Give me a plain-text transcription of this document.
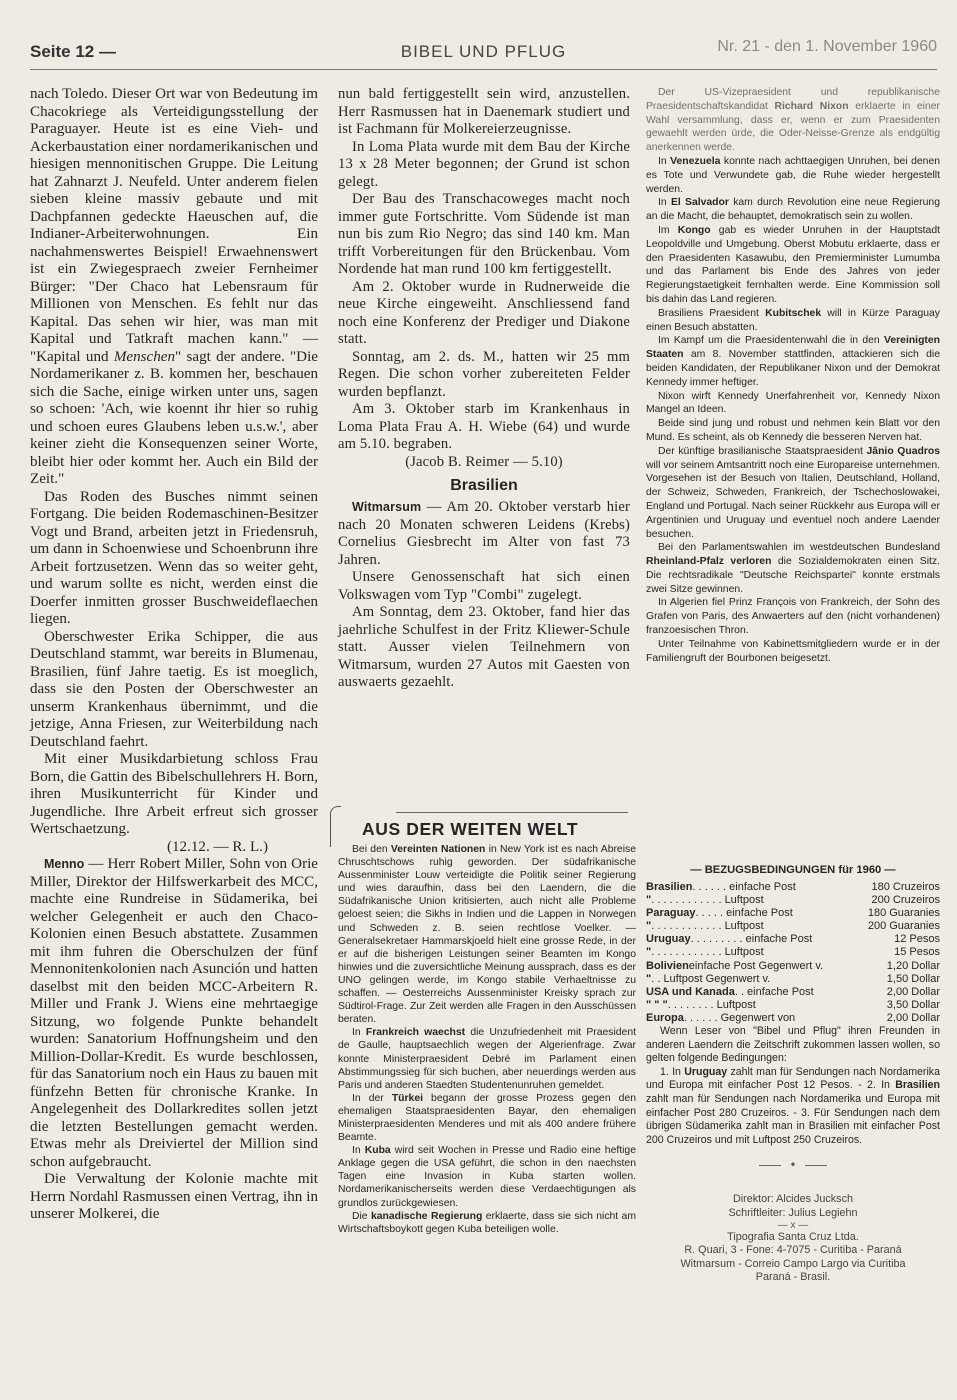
Seite 12 —	BIBEL UND PFLUG	Nr. 21 - den 1. November 1960

nach Toledo. Dieser Ort war von Bedeutung im Chacokriege als Verteidigungsstellung der Paraguayer. Heute ist es eine Vieh- und Ackerbaustation einer nordamerikanischen und hiesigen mennonitischen Gruppe. Die Leitung hat Zahnarzt J. Neufeld. Unter anderem fielen sieben kleine massiv gebaute und mit Dachpfannen gedeckte Haeuschen auf, die Indianer-Arbeiterwohnungen. Ein nachahmenswertes Beispiel! Erwaehnenswert ist ein Zwiegespraech zweier Fernheimer Bürger: "Der Chaco hat Lebensraum für Millionen von Menschen. Es fehlt nur das Kapital. Das sehen wir hier, was man mit Kapital und Tatkraft machen kann." — "Kapital und Menschen" sagt der andere. "Die Nordamerikaner z. B. kommen her, beschauen sich die Sache, einige wirken unter uns, sagen so schoen: 'Ach, wie koennt ihr hier so ruhig und schoen eures Glaubens leben u.s.w.', aber keiner zieht die Konsequenzen seiner Worte, bleibt hier oder kommt her. Auch ein Bild der Zeit."

Das Roden des Busches nimmt seinen Fortgang. Die beiden Rodemaschinen-Besitzer Vogt und Brand, arbeiten jetzt in Friedensruh, um dann in Schoenwiese und Schoenbrunn ihre Arbeit fortzusetzen. Wenn das so weiter geht, und warum sollte es nicht, werden einst die Doerfer inmitten grosser Buschweideflaechen liegen.

Oberschwester Erika Schipper, die aus Deutschland stammt, war bereits in Blumenau, Brasilien, fünf Jahre taetig. Es ist moeglich, dass sie den Posten der Oberschwester an unserm Krankenhaus übernimmt, und die jetzige, Anna Friesen, zur Weiterbildung nach Deutschland faehrt.

Mit einer Musikdarbietung schloss Frau Born, die Gattin des Bibelschullehrers H. Born, ihren Musikunterricht für Kinder und Jugendliche. Ihre Arbeit erfreut sich grosser Wertschaetzung.

(12.12. — R. L.)

Menno — Herr Robert Miller, Sohn von Orie Miller, Direktor der Hilfswerkarbeit des MCC, machte eine Rundreise in Südamerika, bei welcher Gelegenheit er auch den Chaco-Kolonien einen Besuch abstattete. Zusammen mit ihm fuhren die Oberschulzen der fünf Mennonitenkolonien nach Asunción und hatten daselbst mit den beiden MCC-Arbeitern R. Miller und Frank J. Wiens eine mehrtaegige Sitzung, wo folgende Punkte behandelt wurden: Sanatorium Hoffnungsheim und den Million-Dollar-Kredit. Es wurde beschlossen, für das Sanatorium noch ein Haus zu bauen mit fünfzehn Betten für chronische Kranke. In Angelegenheit des Dollarkredites sollen jetzt die letzten Bestellungen gemacht werden. Etwas mehr als Dreiviertel der Million sind schon aufgebraucht.

Die Verwaltung der Kolonie machte mit Herrn Nordahl Rasmussen einen Vertrag, ihn in unserer Molkerei, die

nun bald fertiggestellt sein wird, anzustellen. Herr Rasmussen hat in Daenemark studiert und ist Fachmann für Molkereierzeugnisse.

In Loma Plata wurde mit dem Bau der Kirche 13 x 28 Meter begonnen; der Grund ist schon gelegt.

Der Bau des Transchacoweges macht noch immer gute Fortschritte. Vom Südende ist man nun bis zum Rio Negro; das sind 140 km. Man trifft Vorbereitungen für den Brückenbau. Vom Nordende hat man rund 100 km fertiggestellt.

Am 2. Oktober wurde in Rudnerweide die neue Kirche eingeweiht. Anschliessend fand noch eine Konferenz der Prediger und Diakone statt.

Sonntag, am 2. ds. M., hatten wir 25 mm Regen. Die schon vorher zubereiteten Felder wurden bepflanzt.

Am 3. Oktober starb im Krankenhaus in Loma Plata Frau A. H. Wiebe (64) und wurde am 5.10. begraben.

(Jacob B. Reimer — 5.10)

Brasilien

Witmarsum — Am 20. Oktober verstarb hier nach 20 Monaten schweren Leidens (Krebs) Cornelius Giesbrecht im Alter von fast 73 Jahren.

Unsere Genossenschaft hat sich einen Volkswagen vom Typ "Combi" zugelegt.

Am Sonntag, dem 23. Oktober, fand hier das jaehrliche Schulfest in der Fritz Kliewer-Schule statt. Ausser vielen Teilnehmern von Witmarsum, wurden 27 Autos mit Gaesten von auswaerts gezaehlt.

AUS DER WEITEN WELT

Bei den Vereinten Nationen in New York ist es nach Abreise Chruschtschows ruhig geworden. Der südafrikanische Aussenminister Louw verteidigte die Politik seiner Regierung und wies daraufhin, dass bei den Laendern, die die Südafrikanische Union kritisierten, auch nicht alle Probleme geloest seien; die Sikhs in Indien und die Lappen in Norwegen und Schweden z. B. seien rechtlose Voelker. — Generalsekretaer Hammarskjoeld hielt eine grosse Rede, in der er auf die bisherigen Leistungen seiner Beamten im Kongo hinwies und die zuversichtliche Meinung aussprach, dass es der UNO gelingen werde, im Kongo stabile Verhaeltnisse zu schaffen. — Oesterreichs Aussenminister Kreisky sprach zur Südtirol-Frage. Zur Zeit werden alle Fragen in den Ausschüssen beraten.

In Frankreich waechst die Unzufriedenheit mit Praesident de Gaulle, hauptsaechlich wegen der Algerienfrage. Zwar konnte Ministerpraesident Debré im Parlament einen Abstimmungssieg für sich buchen, aber neuerdings werden aus Paris und anderen Staedten Studentenunruhen gemeldet.

In der Türkei begann der grosse Prozess gegen den ehemaligen Staatspraesidenten Bayar, den ehemaligen Ministerpraesidenten Menderes und mit als 400 andere frühere Beamte.

In Kuba wird seit Wochen in Presse und Radio eine heftige Anklage gegen die USA geführt, die schon in den naechsten Tagen eine Invasion in Kuba starten wollen. Nordamerikanischerseits werden diese Verdaechtigungen als grundlos zurückgewiesen.

Die kanadische Regierung erklaerte, dass sie sich nicht am Wirtschaftsboykott gegen Kuba beteiligen wolle.

Der US-Vizepraesident und republikanische Praesidentschaftskandidat Richard Nixon erklaerte in einer Wahl versammlung, dass er, wenn er zum Praesidenten gewaehlt werden ürde, die Oder-Neisse-Grenze als endgültig anerkennen werde.

In Venezuela konnte nach achttaegigen Unruhen, bei denen es Tote und Verwundete gab, die Ruhe wieder hergestellt werden.

In El Salvador kam durch Revolution eine neue Regierung an die Macht, die behauptet, demokratisch sein zu wollen.

Im Kongo gab es wieder Unruhen in der Hauptstadt Leopoldville und Umgebung. Oberst Mobutu erklaerte, dass er den Praesidenten Kasawubu, den Premierminister Lumumba und das Parlament bis Ende des Jahres von jeder Regierungstaetigkeit fernhalten werde. Eine Kommission soll bis dahin das Land regieren.

Brasiliens Praesident Kubitschek will in Kürze Paraguay einen Besuch abstatten.

Im Kampf um die Praesidentenwahl die in den Vereinigten Staaten am 8. November stattfinden, attackieren sich die beiden Kandidaten, der Republikaner Nixon und der Demokrat Kennedy immer heftiger.

Nixon wirft Kennedy Unerfahrenheit vor, Kennedy Nixon Mangel an Ideen.

Beide sind jung und robust und nehmen kein Blatt vor den Mund. Es scheint, als ob Kennedy die besseren Nerven hat.

Der künftige brasilianische Staatspraesident Jânio Quadros will vor seinem Amtsantritt noch eine Europareise unternehmen. Vorgesehen ist der Besuch von Italien, Deutschland, Holland, der Schweiz, Schweden, Frankreich, der Tschechoslowakei, England und Portugal. Nach seiner Rückkehr aus Europa will er Argentinien und Uruguay und eventuel noch andere Laender besuchen.

Bei den Parlamentswahlen im westdeutschen Bundesland Rheinland-Pfalz verloren die Sozialdemokraten einen Sitz. Die rechtsradikale "Deutsche Reichspartei" konnte erstmals zwei Sitze gewinnen.

In Algerien fiel Prinz François von Frankreich, der Sohn des Grafen von Paris, des Anwaerters auf den (nicht vorhandenen) franzoesischen Thron.

Unter Teilnahme von Kabinettsmitgliedern wurde er in der Familiengruft der Bourbonen beigesetzt.

— BEZUGSBEDINGUNGEN für 1960 —
Brasilien . . . . . . einfache Post	180 Cruzeiros
" . . . . . . . . . . . . Luftpost	200 Cruzeiros
Paraguay . . . . . einfache Post	180 Guaranies
" . . . . . . . . . . . . Luftpost	200 Guaranies
Uruguay . . . . . . . . . einfache Post	12 Pesos
" . . . . . . . . . . . . Luftpost	15 Pesos
Bolivien einfache Post Gegenwert v.	1,20 Dollar
" . . Luftpost Gegenwert v.	1,50 Dollar
USA und Kanada . . einfache Post	2,00 Dollar
" " " . . . . . . . . Luftpost	3,50 Dollar
Europa . . . . . . Gegenwert von	2,00 Dollar

Wenn Leser von "Bibel und Pflug" ihren Freunden in anderen Laendern die Zeitschrift zukommen lassen wollen, so gelten folgende Bedingungen:

1. In Uruguay zahlt man für Sendungen nach Nordamerika und Europa mit einfacher Post 12 Pesos. - 2. In Brasilien zahlt man für Sendungen nach Nordamerika und Europa mit einfacher Post 280 Cruzeiros. - 3. Für Sendungen nach dem übrigen Südamerika zahlt man in Brasilien mit einfacher Post 200 Cruzeiros und mit Luftpost 250 Cruzeiros.

•
Direktor: Alcides Jucksch
Schriftleiter: Julius Legiehn
— x —
Tipografia Santa Cruz Ltda.
R. Quari, 3 - Fone: 4-7075 - Curitiba - Paraná
Witmarsum - Correio Campo Largo via Curitiba
Paraná - Brasil.
